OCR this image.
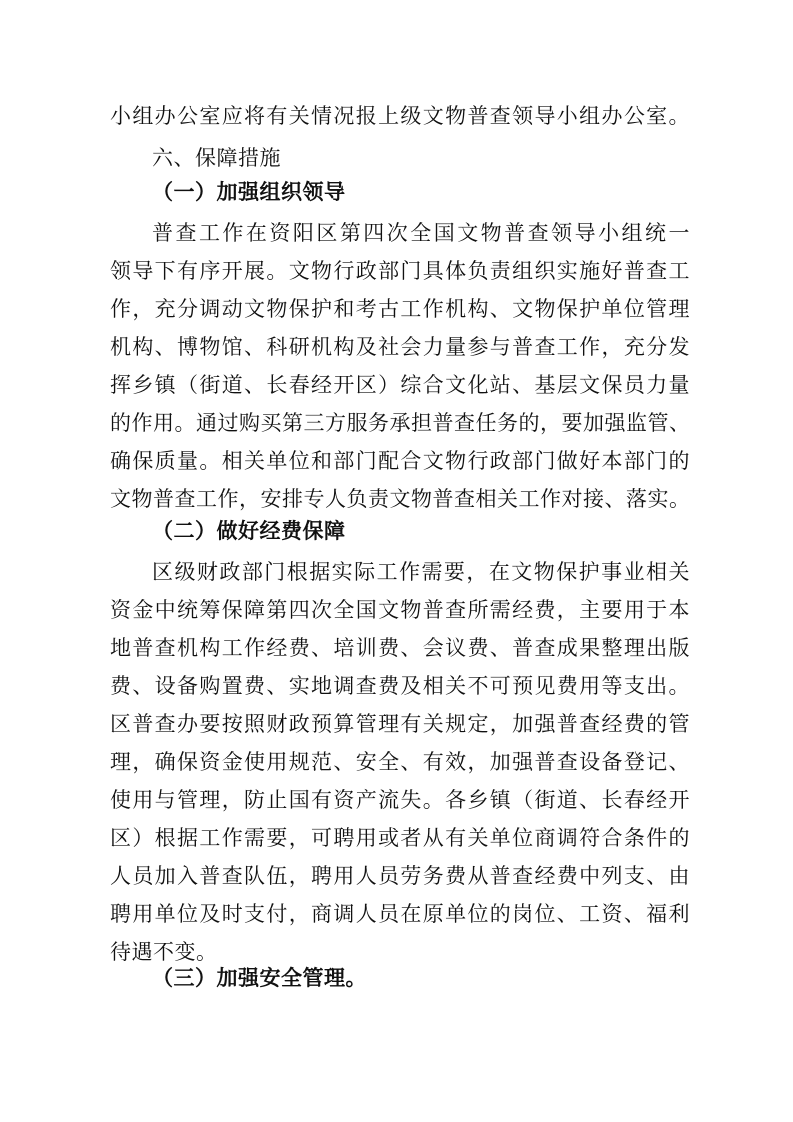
小组办公室应将有关情况报上级文物普查领导小组办公室。
六、保障措施
（一）加强组织领导
普查工作在资阳区第四次全国文物普查领导小组统一
领导下有序开展。文物行政部门具体负责组织实施好普查工
作，充分调动文物保护和考古工作机构、文物保护单位管理
机构、博物馆、科研机构及社会力量参与普查工作，充分发
挥乡镇（街道、长春经开区）综合文化站、基层文保员力量
的作用。通过购买第三方服务承担普查任务的，要加强监管、
确保质量。相关单位和部门配合文物行政部门做好本部门的
文物普查工作，安排专人负责文物普查相关工作对接、落实。
（二）做好经费保障
区级财政部门根据实际工作需要，在文物保护事业相关
资金中统筹保障第四次全国文物普查所需经费，主要用于本
地普查机构工作经费、培训费、会议费、普查成果整理出版
费、设备购置费、实地调查费及相关不可预见费用等支出。
区普查办要按照财政预算管理有关规定，加强普查经费的管
理，确保资金使用规范、安全、有效，加强普查设备登记、
使用与管理，防止国有资产流失。各乡镇（街道、长春经开
区）根据工作需要，可聘用或者从有关单位商调符合条件的
人员加入普查队伍，聘用人员劳务费从普查经费中列支、由
聘用单位及时支付，商调人员在原单位的岗位、工资、福利
待遇不变。
（三）加强安全管理。
